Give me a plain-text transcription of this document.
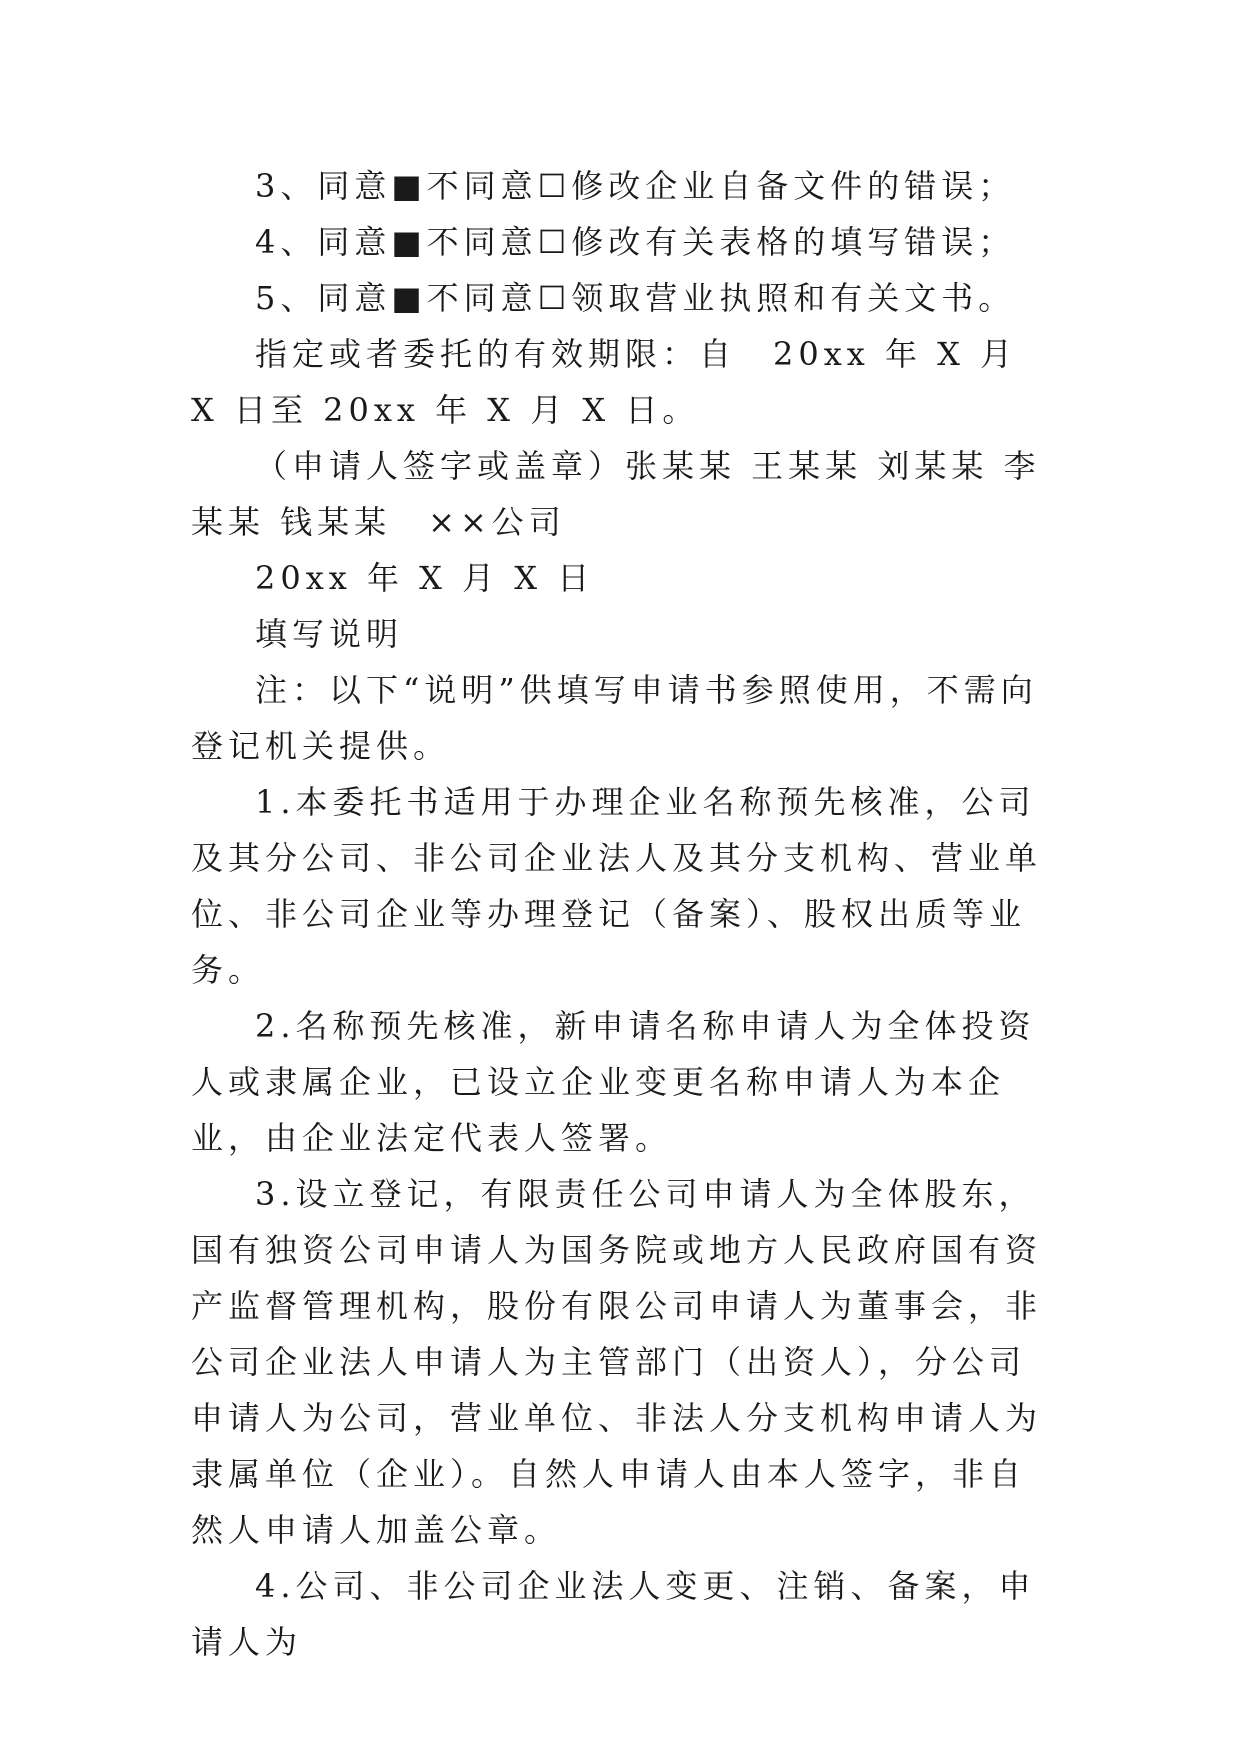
3、同意■不同意☐修改企业自备文件的错误；

4、同意■不同意☐修改有关表格的填写错误；

5、同意■不同意☐领取营业执照和有关文书。

指定或者委托的有效期限：自　20xx 年 X 月 X 日至 20xx 年 X 月 X 日。

（申请人签字或盖章）张某某 王某某 刘某某 李某某 钱某某　××公司

20xx 年 X 月 X 日

填写说明

注：以下“说明”供填写申请书参照使用，不需向登记机关提供。

1.本委托书适用于办理企业名称预先核准，公司及其分公司、非公司企业法人及其分支机构、营业单位、非公司企业等办理登记（备案）、股权出质等业务。

2.名称预先核准，新申请名称申请人为全体投资人或隶属企业，已设立企业变更名称申请人为本企业，由企业法定代表人签署。

3.设立登记，有限责任公司申请人为全体股东，国有独资公司申请人为国务院或地方人民政府国有资产监督管理机构，股份有限公司申请人为董事会，非公司企业法人申请人为主管部门（出资人），分公司申请人为公司，营业单位、非法人分支机构申请人为隶属单位（企业）。自然人申请人由本人签字，非自然人申请人加盖公章。

4.公司、非公司企业法人变更、注销、备案，申请人为
